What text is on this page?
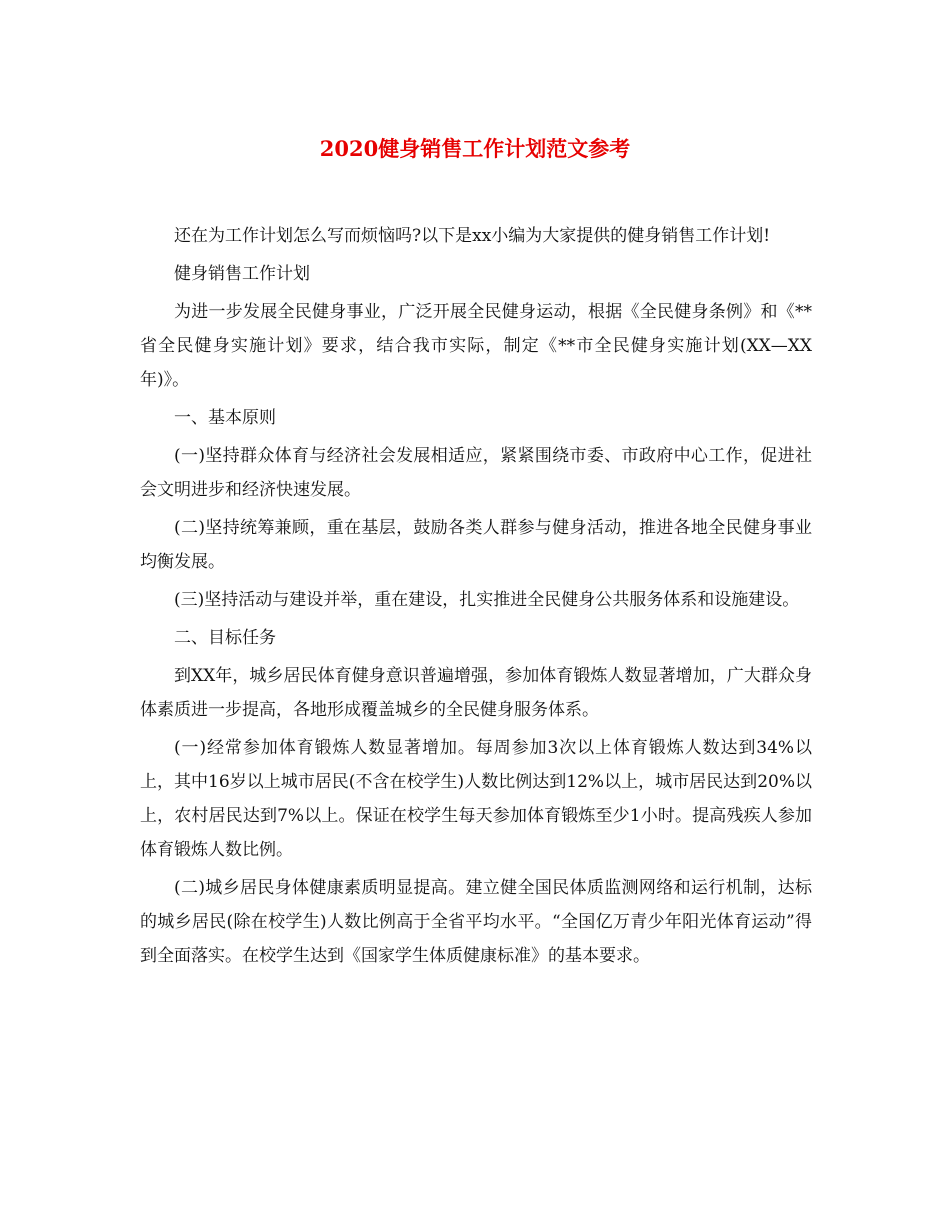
2020健身销售工作计划范文参考

还在为工作计划怎么写而烦恼吗?以下是xx小编为大家提供的健身销售工作计划!

健身销售工作计划

为进一步发展全民健身事业，广泛开展全民健身运动，根据《全民健身条例》和《**省全民健身实施计划》要求，结合我市实际，制定《**市全民健身实施计划(XX—XX年)》。

一、基本原则

(一)坚持群众体育与经济社会发展相适应，紧紧围绕市委、市政府中心工作，促进社会文明进步和经济快速发展。

(二)坚持统筹兼顾，重在基层，鼓励各类人群参与健身活动，推进各地全民健身事业均衡发展。

(三)坚持活动与建设并举，重在建设，扎实推进全民健身公共服务体系和设施建设。

二、目标任务

到XX年，城乡居民体育健身意识普遍增强，参加体育锻炼人数显著增加，广大群众身体素质进一步提高，各地形成覆盖城乡的全民健身服务体系。

(一)经常参加体育锻炼人数显著增加。每周参加3次以上体育锻炼人数达到34%以上，其中16岁以上城市居民(不含在校学生)人数比例达到12%以上，城市居民达到20%以上，农村居民达到7%以上。保证在校学生每天参加体育锻炼至少1小时。提高残疾人参加体育锻炼人数比例。

(二)城乡居民身体健康素质明显提高。建立健全国民体质监测网络和运行机制，达标的城乡居民(除在校学生)人数比例高于全省平均水平。“全国亿万青少年阳光体育运动”得到全面落实。在校学生达到《国家学生体质健康标准》的基本要求。
